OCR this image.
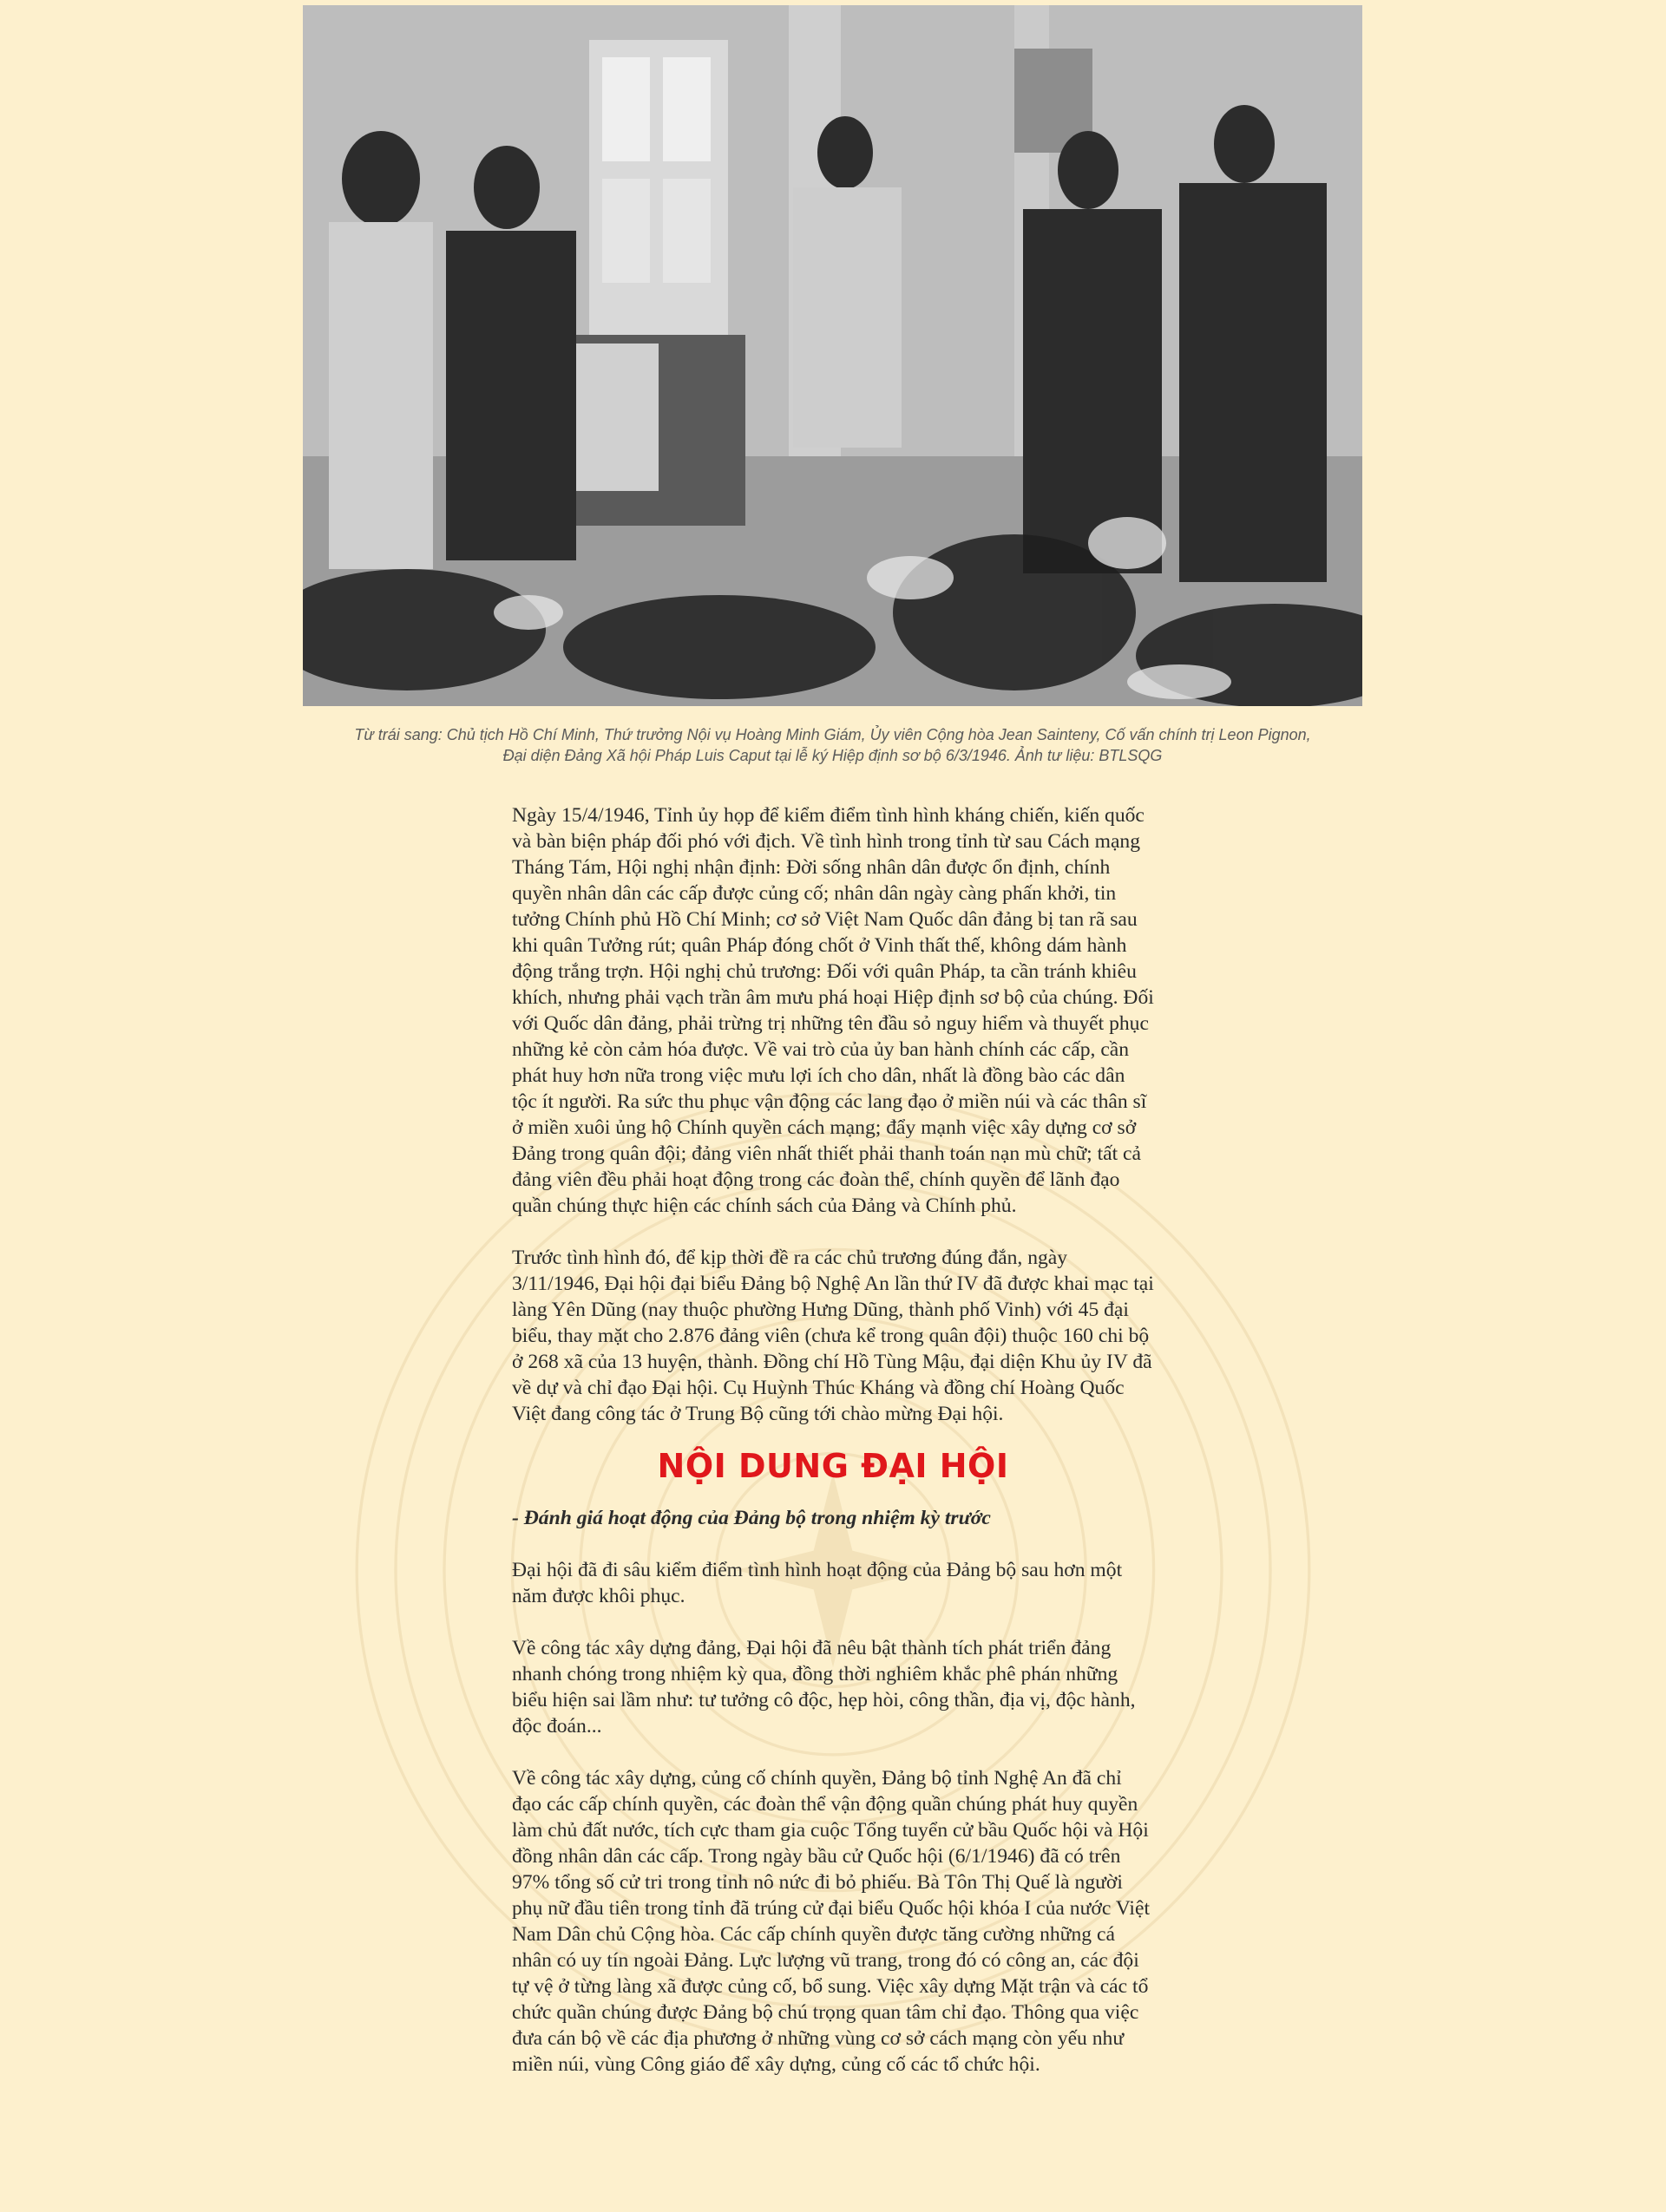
Từ trái sang: Chủ tịch Hồ Chí Minh, Thứ trưởng Nội vụ Hoàng Minh Giám, Ủy viên Cộng hòa Jean Sainteny, Cố vấn chính trị Leon Pignon,
Đại diện Đảng Xã hội Pháp Luis Caput tại lễ ký Hiệp định sơ bộ 6/3/1946. Ảnh tư liệu: BTLSQG

Ngày 15/4/1946, Tỉnh ủy họp để kiểm điểm tình hình kháng chiến, kiến quốc và bàn biện pháp đối phó với địch. Về tình hình trong tỉnh từ sau Cách mạng Tháng Tám, Hội nghị nhận định: Đời sống nhân dân được ổn định, chính quyền nhân dân các cấp được củng cố; nhân dân ngày càng phấn khởi, tin tưởng Chính phủ Hồ Chí Minh; cơ sở Việt Nam Quốc dân đảng bị tan rã sau khi quân Tưởng rút; quân Pháp đóng chốt ở Vinh thất thế, không dám hành động trắng trợn. Hội nghị chủ trương: Đối với quân Pháp, ta cần tránh khiêu khích, nhưng phải vạch trần âm mưu phá hoại Hiệp định sơ bộ của chúng. Đối với Quốc dân đảng, phải trừng trị những tên đầu sỏ nguy hiểm và thuyết phục những kẻ còn cảm hóa được. Về vai trò của ủy ban hành chính các cấp, cần phát huy hơn nữa trong việc mưu lợi ích cho dân, nhất là đồng bào các dân tộc ít người. Ra sức thu phục vận động các lang đạo ở miền núi và các thân sĩ ở miền xuôi ủng hộ Chính quyền cách mạng; đẩy mạnh việc xây dựng cơ sở Đảng trong quân đội; đảng viên nhất thiết phải thanh toán nạn mù chữ; tất cả đảng viên đều phải hoạt động trong các đoàn thể, chính quyền để lãnh đạo quần chúng thực hiện các chính sách của Đảng và Chính phủ.

Trước tình hình đó, để kịp thời đề ra các chủ trương đúng đắn, ngày 3/11/1946, Đại hội đại biểu Đảng bộ Nghệ An lần thứ IV đã được khai mạc tại làng Yên Dũng (nay thuộc phường Hưng Dũng, thành phố Vinh) với 45 đại biểu, thay mặt cho 2.876 đảng viên (chưa kể trong quân đội) thuộc 160 chi bộ ở 268 xã của 13 huyện, thành. Đồng chí Hồ Tùng Mậu, đại diện Khu ủy IV đã về dự và chỉ đạo Đại hội. Cụ Huỳnh Thúc Kháng và đồng chí Hoàng Quốc Việt đang công tác ở Trung Bộ cũng tới chào mừng Đại hội.

NỘI DUNG ĐẠI HỘI

- Đánh giá hoạt động của Đảng bộ trong nhiệm kỳ trước

Đại hội đã đi sâu kiểm điểm tình hình hoạt động của Đảng bộ sau hơn một năm được khôi phục.

Về công tác xây dựng đảng, Đại hội đã nêu bật thành tích phát triển đảng nhanh chóng trong nhiệm kỳ qua, đồng thời nghiêm khắc phê phán những biểu hiện sai lầm như: tư tưởng cô độc, hẹp hòi, công thần, địa vị, độc hành, độc đoán...

Về công tác xây dựng, củng cố chính quyền, Đảng bộ tỉnh Nghệ An đã chỉ đạo các cấp chính quyền, các đoàn thể vận động quần chúng phát huy quyền làm chủ đất nước, tích cực tham gia cuộc Tổng tuyển cử bầu Quốc hội và Hội đồng nhân dân các cấp. Trong ngày bầu cử Quốc hội (6/1/1946) đã có trên 97% tổng số cử tri trong tỉnh nô nức đi bỏ phiếu. Bà Tôn Thị Quế là người phụ nữ đầu tiên trong tỉnh đã trúng cử đại biểu Quốc hội khóa I của nước Việt Nam Dân chủ Cộng hòa. Các cấp chính quyền được tăng cường những cá nhân có uy tín ngoài Đảng. Lực lượng vũ trang, trong đó có công an, các đội tự vệ ở từng làng xã được củng cố, bổ sung. Việc xây dựng Mặt trận và các tổ chức quần chúng được Đảng bộ chú trọng quan tâm chỉ đạo. Thông qua việc đưa cán bộ về các địa phương ở những vùng cơ sở cách mạng còn yếu như miền núi, vùng Công giáo để xây dựng, củng cố các tổ chức hội.
